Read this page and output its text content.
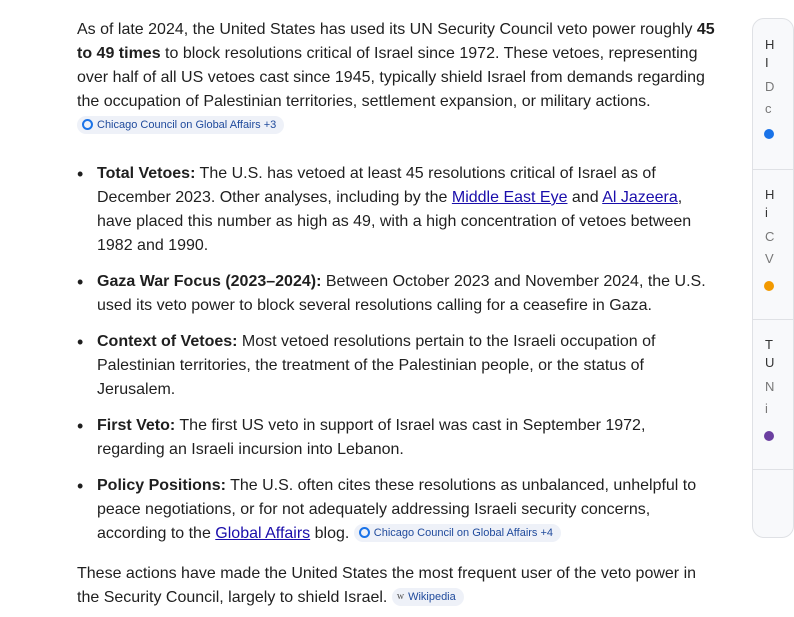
As of late 2024, the United States has used its UN Security Council veto power roughly 45 to 49 times to block resolutions critical of Israel since 1972. These vetoes, representing over half of all US vetoes cast since 1945, typically shield Israel from demands regarding the occupation of Palestinian territories, settlement expansion, or military actions.
Chicago Council on Global Affairs +3

• Total Vetoes: The U.S. has vetoed at least 45 resolutions critical of Israel as of December 2023. Other analyses, including by the Middle East Eye and Al Jazeera, have placed this number as high as 49, with a high concentration of vetoes between 1982 and 1990.
• Gaza War Focus (2023–2024): Between October 2023 and November 2024, the U.S. used its veto power to block several resolutions calling for a ceasefire in Gaza.
• Context of Vetoes: Most vetoed resolutions pertain to the Israeli occupation of Palestinian territories, the treatment of the Palestinian people, or the status of Jerusalem.
• First Veto: The first US veto in support of Israel was cast in September 1972, regarding an Israeli incursion into Lebanon.
• Policy Positions: The U.S. often cites these resolutions as unbalanced, unhelpful to peace negotiations, or for not adequately addressing Israeli security concerns, according to the Global Affairs blog. Chicago Council on Global Affairs +4

These actions have made the United States the most frequent user of the veto power in the Security Council, largely to shield Israel. w Wikipedia

H
I
D
c
H
i
C
V
T
U
N
i
